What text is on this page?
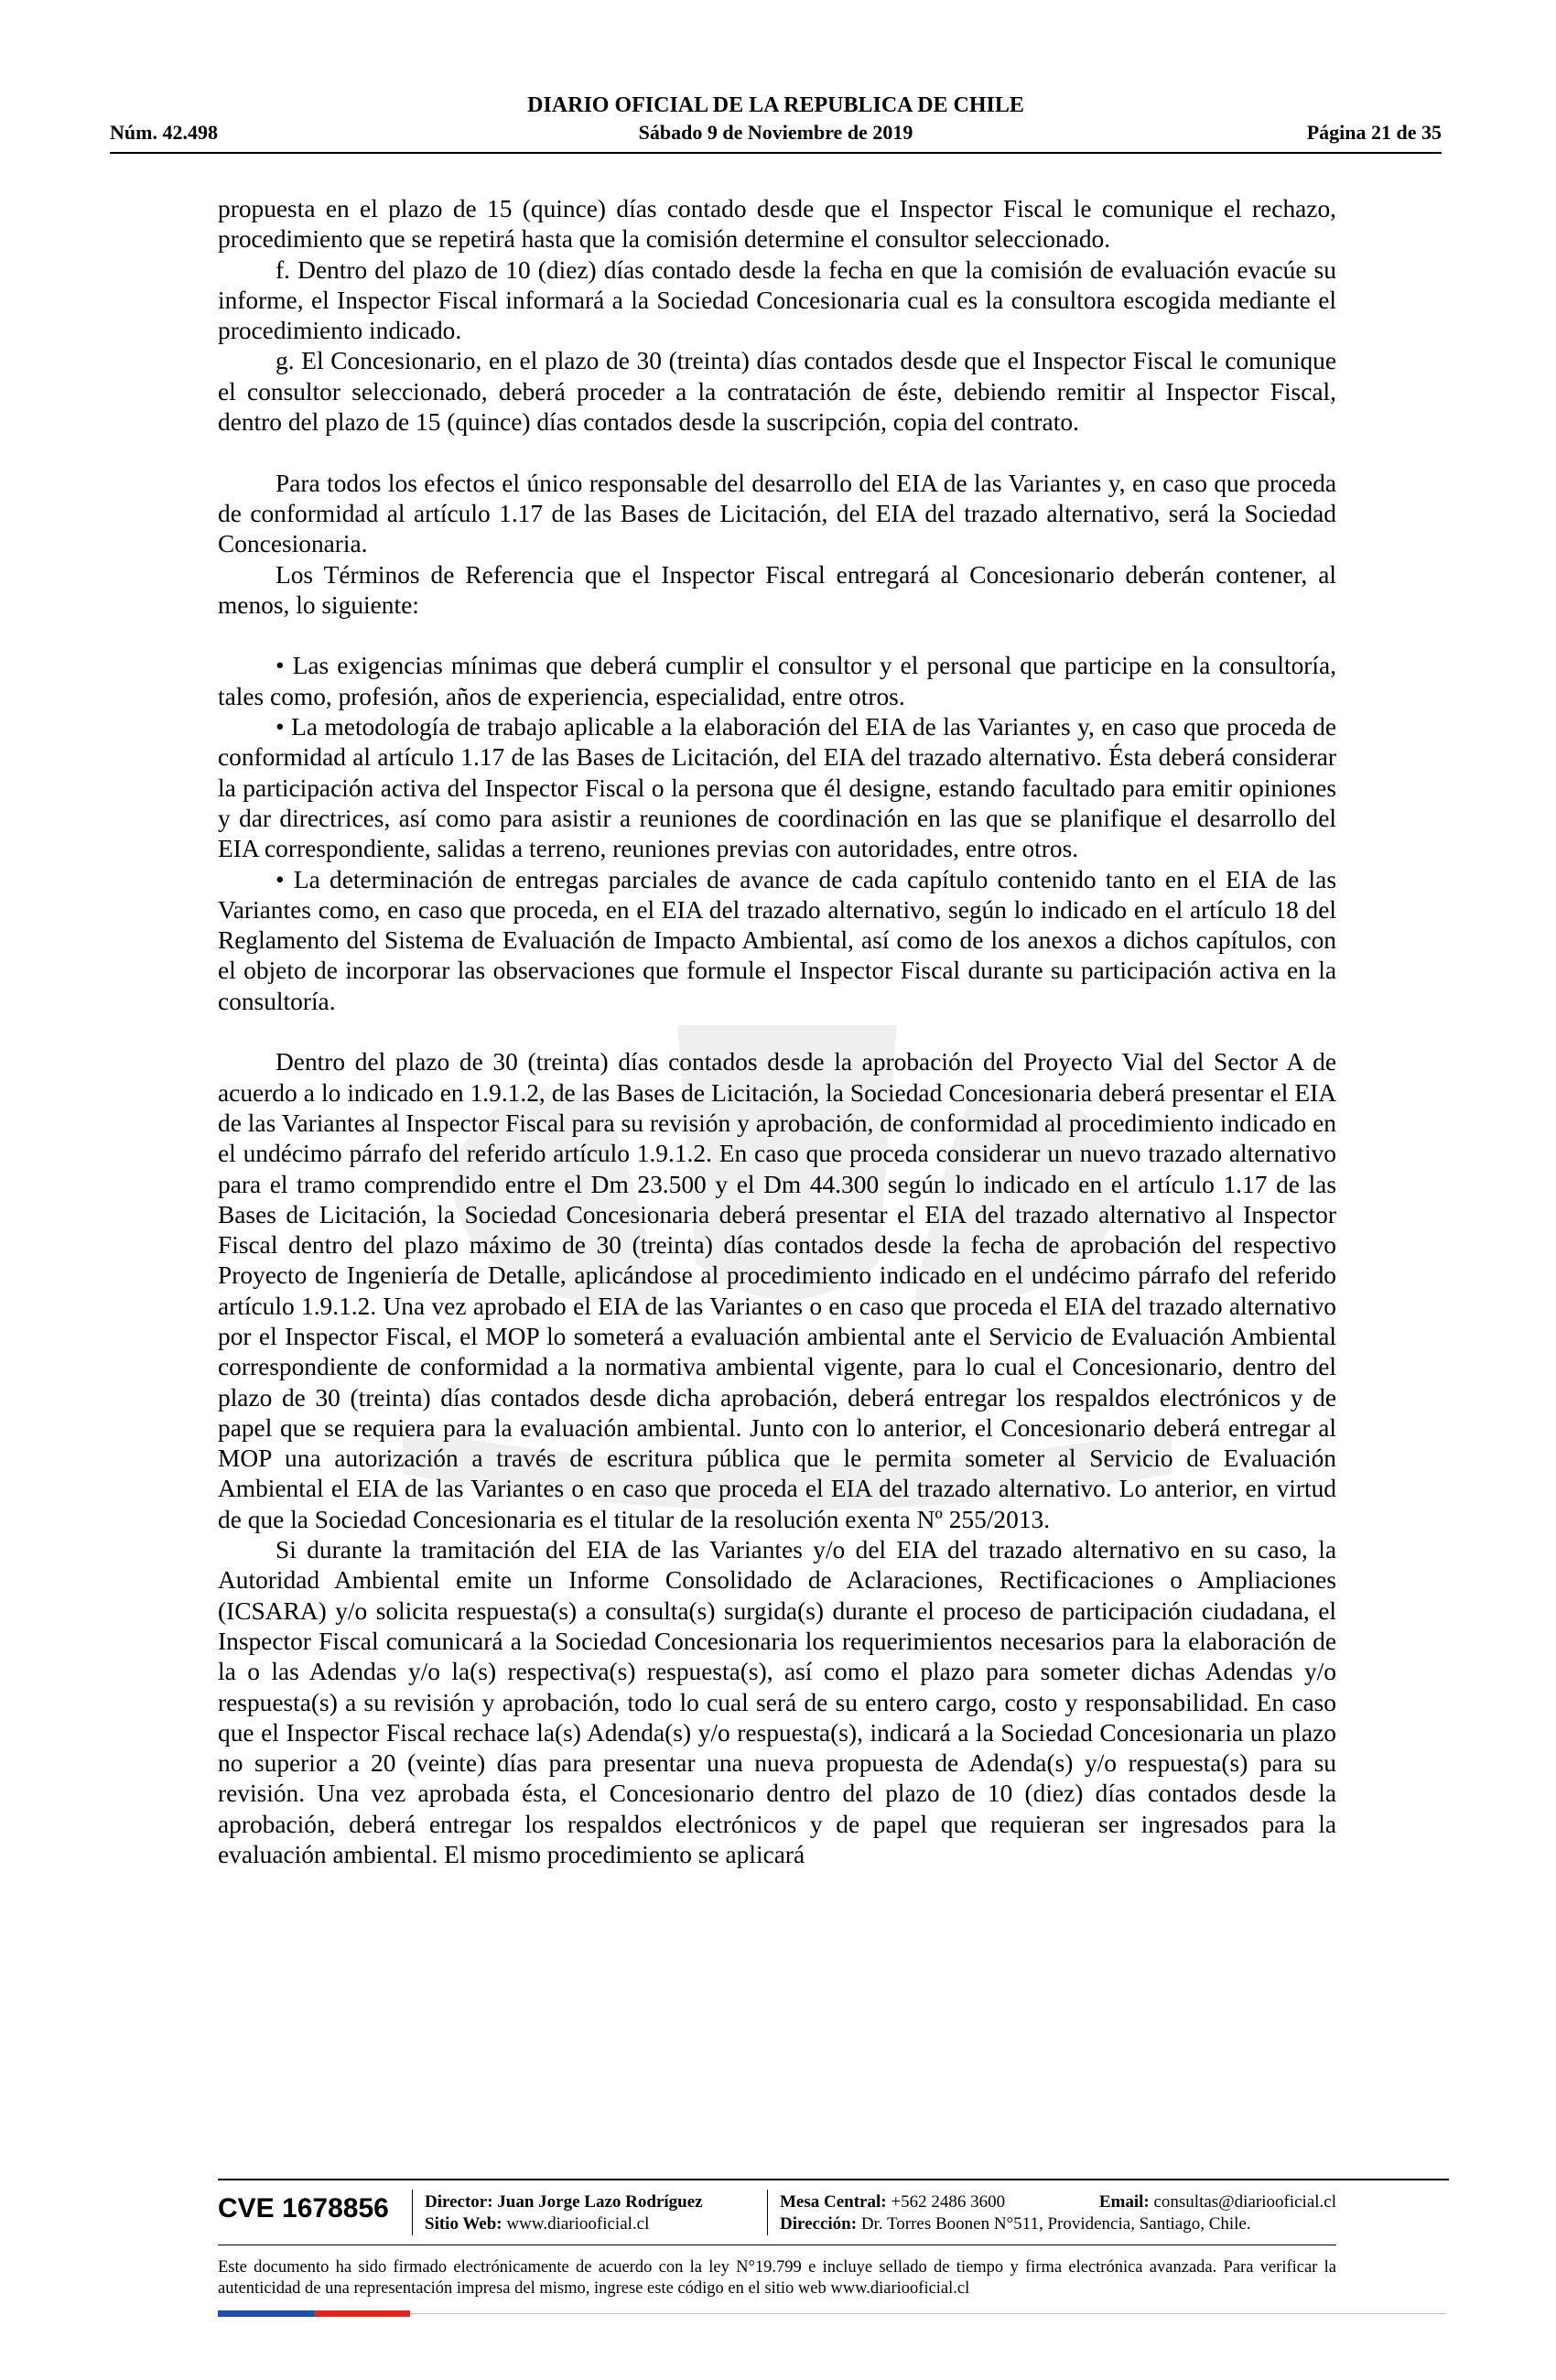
DIARIO OFICIAL DE LA REPUBLICA DE CHILE
Núm. 42.498	Sábado 9 de Noviembre de 2019	Página 21 de 35

propuesta en el plazo de 15 (quince) días contado desde que el Inspector Fiscal le comunique el rechazo, procedimiento que se repetirá hasta que la comisión determine el consultor seleccionado.

f. Dentro del plazo de 10 (diez) días contado desde la fecha en que la comisión de evaluación evacúe su informe, el Inspector Fiscal informará a la Sociedad Concesionaria cual es la consultora escogida mediante el procedimiento indicado.

g. El Concesionario, en el plazo de 30 (treinta) días contados desde que el Inspector Fiscal le comunique el consultor seleccionado, deberá proceder a la contratación de éste, debiendo remitir al Inspector Fiscal, dentro del plazo de 15 (quince) días contados desde la suscripción, copia del contrato.

Para todos los efectos el único responsable del desarrollo del EIA de las Variantes y, en caso que proceda de conformidad al artículo 1.17 de las Bases de Licitación, del EIA del trazado alternativo, será la Sociedad Concesionaria.

Los Términos de Referencia que el Inspector Fiscal entregará al Concesionario deberán contener, al menos, lo siguiente:

• Las exigencias mínimas que deberá cumplir el consultor y el personal que participe en la consultoría, tales como, profesión, años de experiencia, especialidad, entre otros.

• La metodología de trabajo aplicable a la elaboración del EIA de las Variantes y, en caso que proceda de conformidad al artículo 1.17 de las Bases de Licitación, del EIA del trazado alternativo. Ésta deberá considerar la participación activa del Inspector Fiscal o la persona que él designe, estando facultado para emitir opiniones y dar directrices, así como para asistir a reuniones de coordinación en las que se planifique el desarrollo del EIA correspondiente, salidas a terreno, reuniones previas con autoridades, entre otros.

• La determinación de entregas parciales de avance de cada capítulo contenido tanto en el EIA de las Variantes como, en caso que proceda, en el EIA del trazado alternativo, según lo indicado en el artículo 18 del Reglamento del Sistema de Evaluación de Impacto Ambiental, así como de los anexos a dichos capítulos, con el objeto de incorporar las observaciones que formule el Inspector Fiscal durante su participación activa en la consultoría.

Dentro del plazo de 30 (treinta) días contados desde la aprobación del Proyecto Vial del Sector A de acuerdo a lo indicado en 1.9.1.2, de las Bases de Licitación, la Sociedad Concesionaria deberá presentar el EIA de las Variantes al Inspector Fiscal para su revisión y aprobación, de conformidad al procedimiento indicado en el undécimo párrafo del referido artículo 1.9.1.2. En caso que proceda considerar un nuevo trazado alternativo para el tramo comprendido entre el Dm 23.500 y el Dm 44.300 según lo indicado en el artículo 1.17 de las Bases de Licitación, la Sociedad Concesionaria deberá presentar el EIA del trazado alternativo al Inspector Fiscal dentro del plazo máximo de 30 (treinta) días contados desde la fecha de aprobación del respectivo Proyecto de Ingeniería de Detalle, aplicándose al procedimiento indicado en el undécimo párrafo del referido artículo 1.9.1.2. Una vez aprobado el EIA de las Variantes o en caso que proceda el EIA del trazado alternativo por el Inspector Fiscal, el MOP lo someterá a evaluación ambiental ante el Servicio de Evaluación Ambiental correspondiente de conformidad a la normativa ambiental vigente, para lo cual el Concesionario, dentro del plazo de 30 (treinta) días contados desde dicha aprobación, deberá entregar los respaldos electrónicos y de papel que se requiera para la evaluación ambiental. Junto con lo anterior, el Concesionario deberá entregar al MOP una autorización a través de escritura pública que le permita someter al Servicio de Evaluación Ambiental el EIA de las Variantes o en caso que proceda el EIA del trazado alternativo. Lo anterior, en virtud de que la Sociedad Concesionaria es el titular de la resolución exenta Nº 255/2013.

Si durante la tramitación del EIA de las Variantes y/o del EIA del trazado alternativo en su caso, la Autoridad Ambiental emite un Informe Consolidado de Aclaraciones, Rectificaciones o Ampliaciones (ICSARA) y/o solicita respuesta(s) a consulta(s) surgida(s) durante el proceso de participación ciudadana, el Inspector Fiscal comunicará a la Sociedad Concesionaria los requerimientos necesarios para la elaboración de la o las Adendas y/o la(s) respectiva(s) respuesta(s), así como el plazo para someter dichas Adendas y/o respuesta(s) a su revisión y aprobación, todo lo cual será de su entero cargo, costo y responsabilidad. En caso que el Inspector Fiscal rechace la(s) Adenda(s) y/o respuesta(s), indicará a la Sociedad Concesionaria un plazo no superior a 20 (veinte) días para presentar una nueva propuesta de Adenda(s) y/o respuesta(s) para su revisión. Una vez aprobada ésta, el Concesionario dentro del plazo de 10 (diez) días contados desde la aprobación, deberá entregar los respaldos electrónicos y de papel que requieran ser ingresados para la evaluación ambiental. El mismo procedimiento se aplicará

CVE 1678856 Director: Juan Jorge Lazo Rodríguez
Sitio Web: www.diariooficial.cl
Mesa Central: +562 2486 3600	Email: consultas@diariooficial.cl
Dirección: Dr. Torres Boonen N°511, Providencia, Santiago, Chile.
Este documento ha sido firmado electrónicamente de acuerdo con la ley N°19.799 e incluye sellado de tiempo y firma electrónica avanzada. Para verificar la autenticidad de una representación impresa del mismo, ingrese este código en el sitio web www.diariooficial.cl
